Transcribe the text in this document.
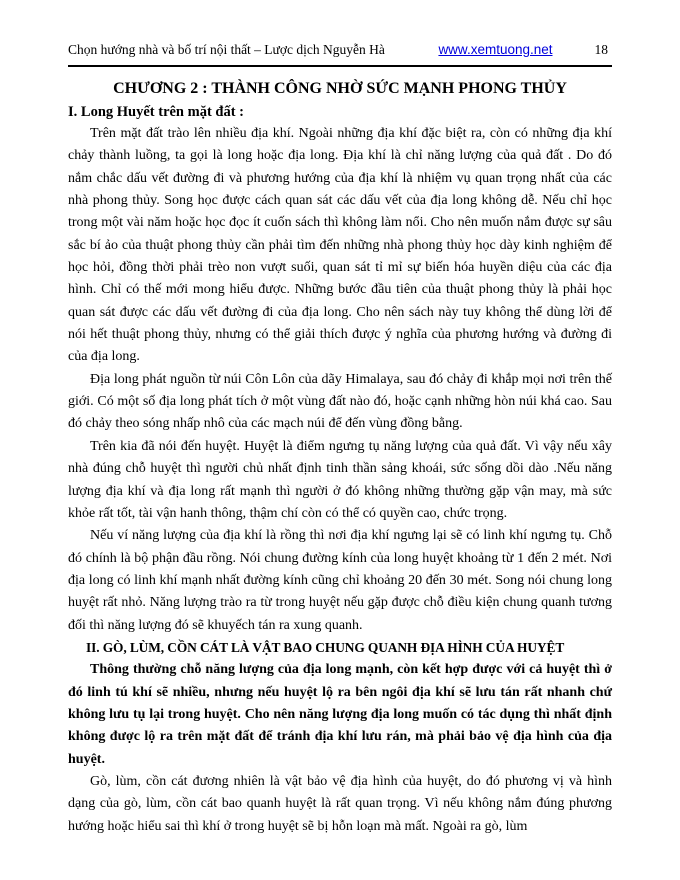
Chọn hướng nhà và bố trí nội thất – Lược dịch Nguyễn Hà	www.xemtuong.net	18
CHƯƠNG 2 : THÀNH CÔNG NHỜ SỨC MẠNH PHONG THỦY
I. Long Huyết trên mặt đất :

Trên mặt đất trào lên nhiều địa khí. Ngoài những địa khí đặc biệt ra, còn có những địa khí chảy thành luồng, ta gọi là long hoặc địa long. Địa khí là chỉ năng lượng của quả đất . Do đó nắm chắc dấu vết đường đi và phương hướng của địa khí là nhiệm vụ quan trọng nhất của các nhà phong thủy. Song học được cách quan sát các dấu vết của địa long không dễ. Nếu chỉ học trong một vài năm hoặc học đọc ít cuốn sách thì không làm nổi. Cho nên muốn nắm được sự sâu sắc bí ảo của thuật phong thủy cần phải tìm đến những nhà phong thủy học dày kinh nghiệm để học hỏi, đồng thời phải trèo non vượt suối, quan sát tỉ mỉ sự biến hóa huyền diệu của các địa hình. Chỉ có thế mới mong hiểu được. Những bước đầu tiên của thuật phong thủy là phải học quan sát được các dấu vết đường đi của địa long. Cho nên sách này tuy không thể dùng lời để nói hết thuật phong thủy, nhưng có thể giải thích được ý nghĩa của phương hướng và đường đi của địa long.

Địa long phát nguồn từ núi Côn Lôn của dãy Himalaya, sau đó chảy đi khắp mọi nơi trên thế giới. Có một số địa long phát tích ở một vùng đất nào đó, hoặc cạnh những hòn núi khá cao. Sau đó chảy theo sóng nhấp nhô của các mạch núi để đến vùng đồng bằng.

Trên kia đã nói đến huyệt. Huyệt là điểm ngưng tụ năng lượng của quả đất. Vì vậy nếu xây nhà đúng chỗ huyệt thì người chủ nhất định tinh thần sảng khoái, sức sống dồi dào .Nếu năng lượng địa khí và địa long rất mạnh thì người ở đó không những thường gặp vận may, mà sức khỏe rất tốt, tài vận hanh thông, thậm chí còn có thể có quyền cao, chức trọng.

Nếu ví năng lượng của địa khí là rồng thì nơi địa khí ngưng lại sẽ có linh khí ngưng tụ. Chỗ đó chính là bộ phận đầu rồng. Nói chung đường kính của long huyệt khoảng từ 1 đến 2 mét. Nơi địa long có linh khí mạnh nhất đường kính cũng chỉ khoảng 20 đến 30 mét. Song nói chung long huyệt rất nhỏ. Năng lượng trào ra từ trong huyệt nếu gặp được chỗ điều kiện chung quanh tương đối thì năng lượng đó sẽ khuyếch tán ra xung quanh.

II. GÒ, LÙM, CỒN CÁT LÀ VẬT BAO CHUNG QUANH ĐỊA HÌNH CỦA HUYỆT

Thông thường chỗ năng lượng của địa long mạnh, còn kết hợp được với cả huyệt thì ở đó linh tú khí sẽ nhiều, nhưng nếu huyệt lộ ra bên ngôi địa khí sẽ lưu tán rất nhanh chứ không lưu tụ lại trong huyệt. Cho nên năng lượng địa long muốn có tác dụng thì nhất định không được lộ ra trên mặt đất để tránh địa khí lưu rán, mà phải bảo vệ địa hình của địa huyệt.

Gò, lùm, cồn cát đương nhiên là vật bảo vệ địa hình của huyệt, do đó phương vị và hình dạng của gò, lùm, cồn cát bao quanh huyệt là rất quan trọng. Vì nếu không nắm đúng phương hướng hoặc hiểu sai thì khí ở trong huyệt sẽ bị hỗn loạn mà mất. Ngoài ra gò, lùm
